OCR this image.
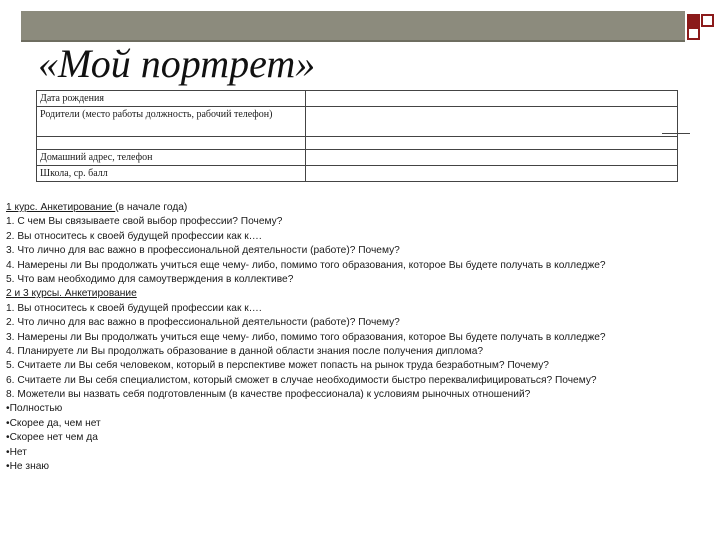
«Мой портрет»
Дата рождения	
Родители (место работы должность, рабочий телефон)	

Домашний адрес, телефон	
Школа, ср. балл	
1 курс. Анкетирование (в начале года)
1. С чем Вы связываете свой выбор профессии? Почему?
2. Вы относитесь к своей будущей профессии как к….
3. Что лично для вас важно в профессиональной деятельности (работе)? Почему?
4. Намерены ли Вы продолжать учиться еще чему- либо, помимо того образования, которое Вы будете получать в колледже?
5. Что вам необходимо для самоутверждения в коллективе?
2 и 3 курсы. Анкетирование
1. Вы относитесь к своей будущей профессии как к….
2. Что лично для вас важно в профессиональной деятельности (работе)? Почему?
3. Намерены ли Вы продолжать учиться еще чему- либо, помимо того образования, которое Вы будете получать в колледже?
4. Планируете ли Вы продолжать образование в данной области знания после получения диплома?
5. Считаете ли Вы себя человеком, который в перспективе может попасть на рынок труда безработным? Почему?
6. Считаете ли Вы себя специалистом, который сможет в случае необходимости быстро переквалифицироваться? Почему?
8. Можетели вы назвать себя подготовленным (в качестве профессионала) к условиям рыночных отношений?
•Полностью
•Скорее да, чем нет
•Скорее нет чем да
•Нет
•Не знаю
